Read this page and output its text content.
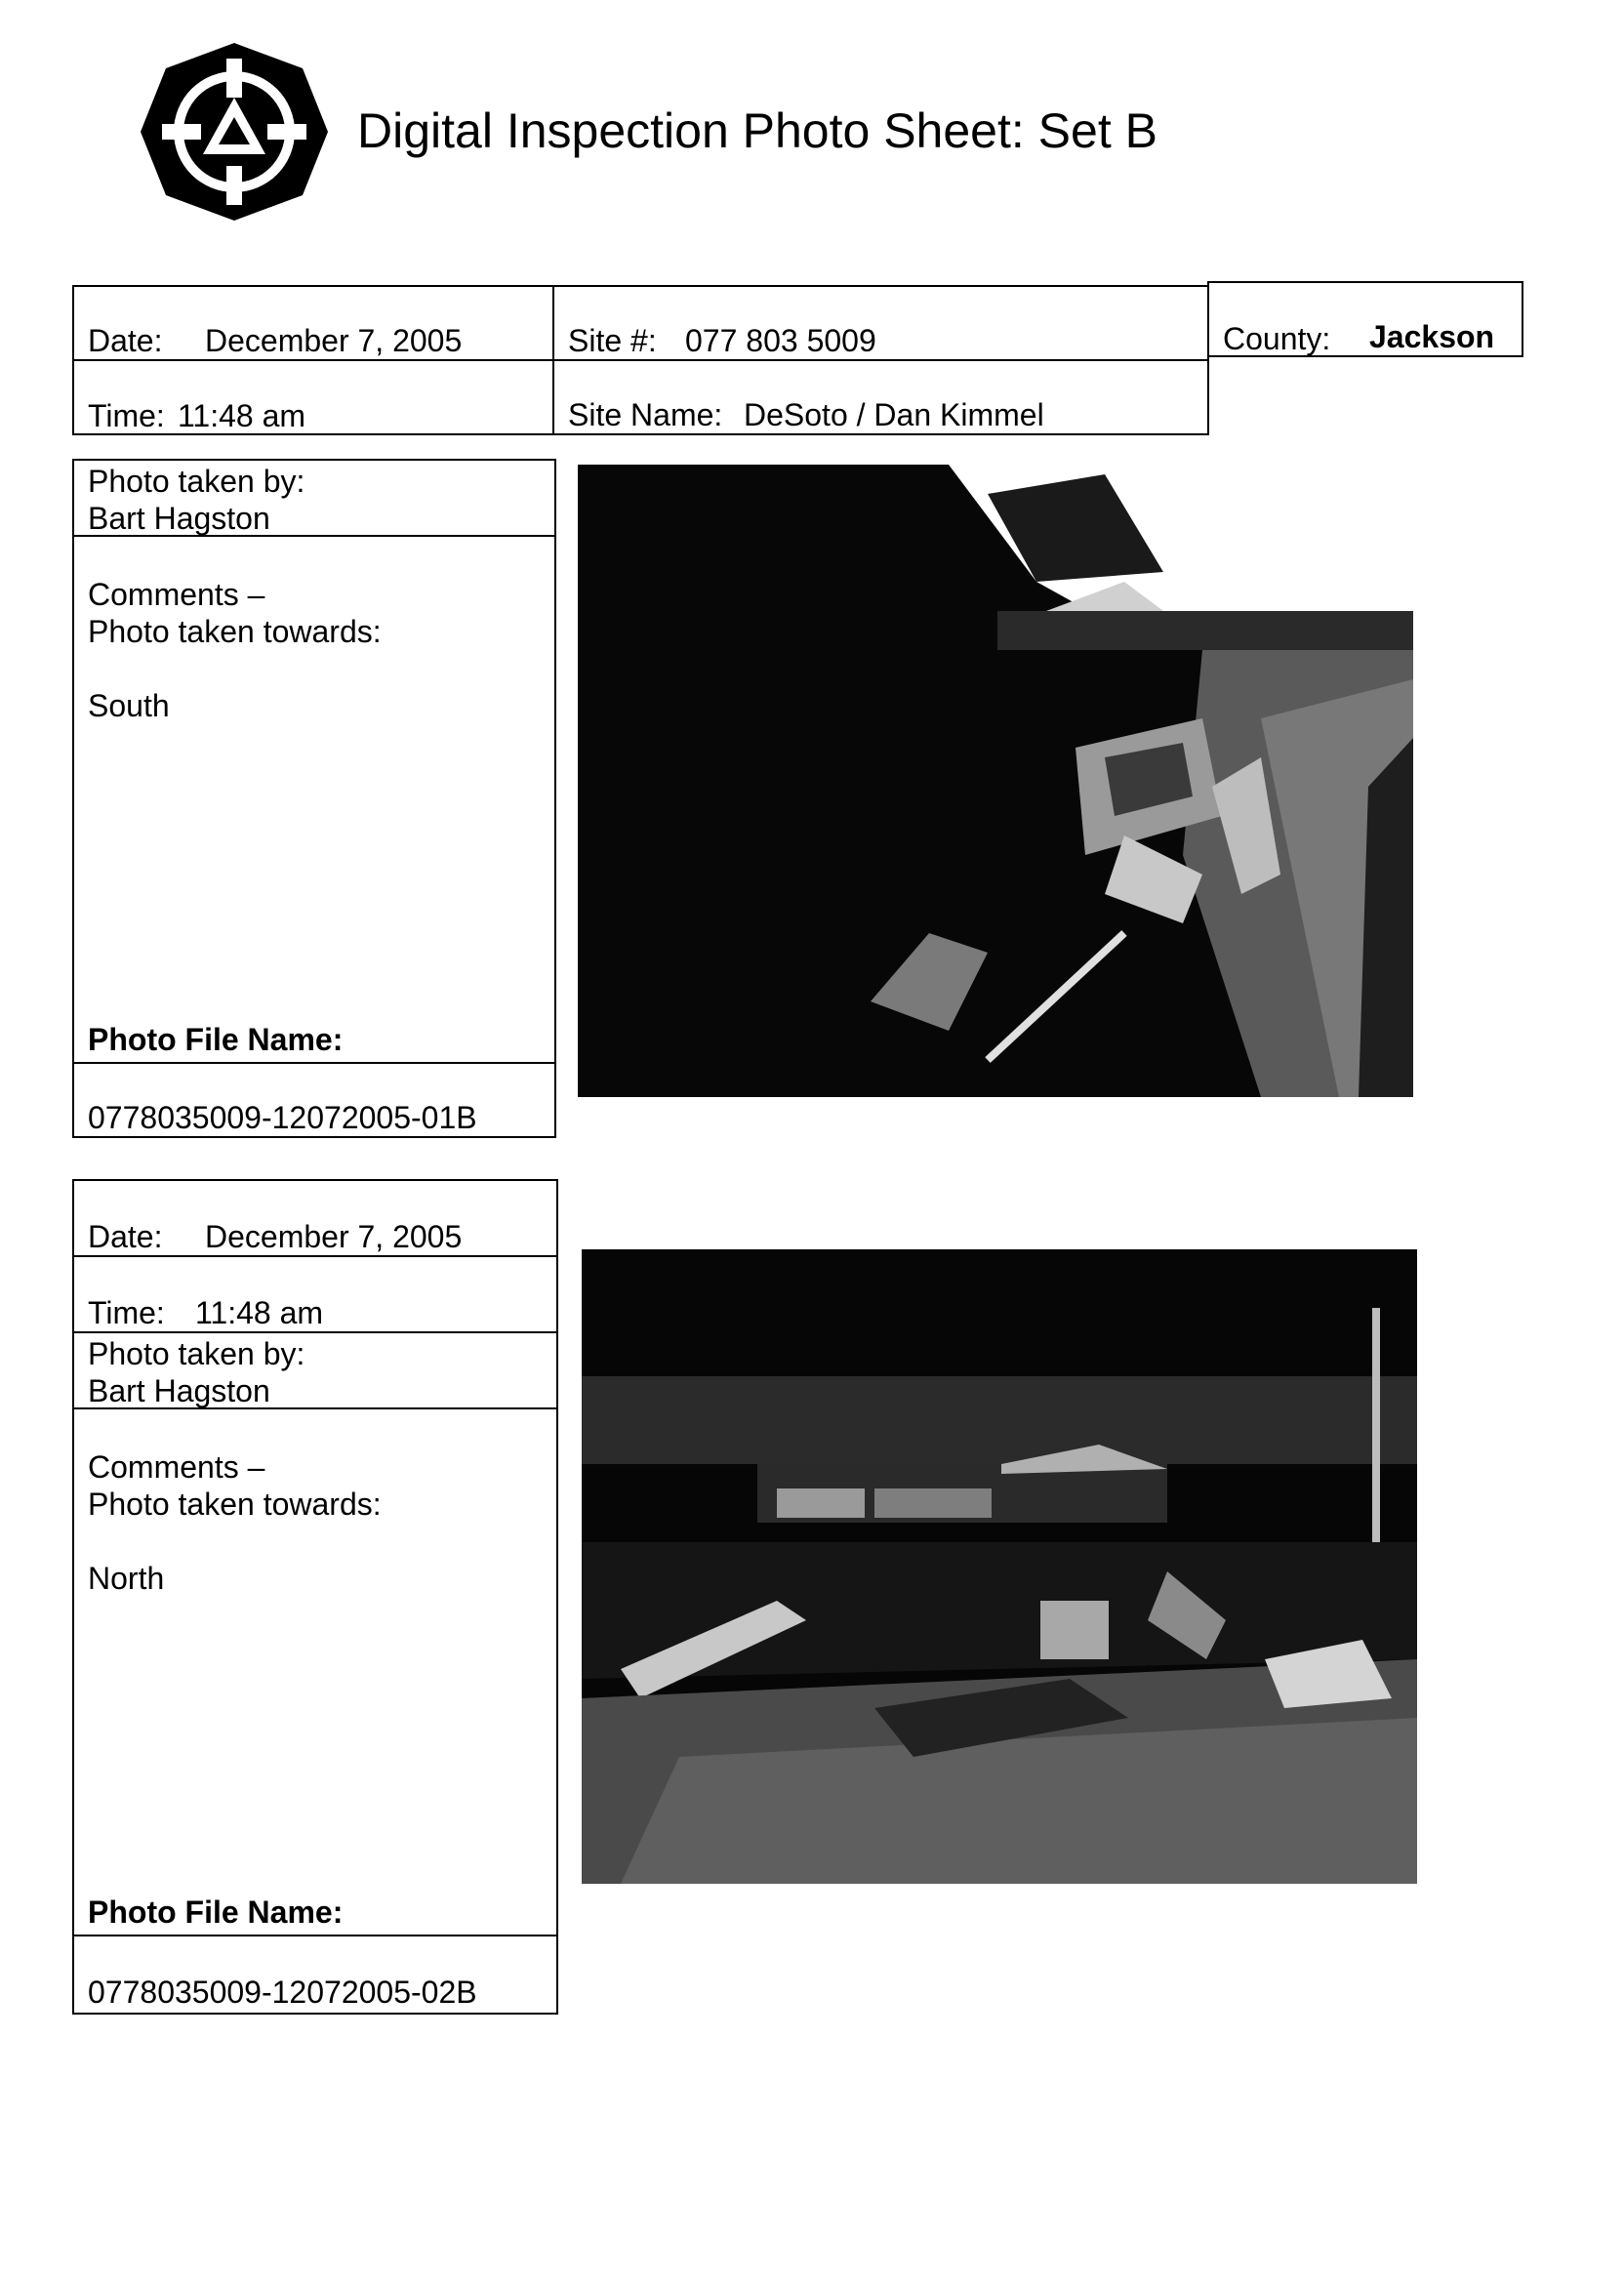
Digital Inspection Photo Sheet: Set B
Date: December 7, 2005	Site #: 077 803 5009	County: Jackson
Time: 11:48 am	Site Name: DeSoto / Dan Kimmel
Photo taken by:
Bart Hagston
Comments –
Photo taken towards:
South
Photo File Name:
0778035009-12072005-01B
Date: December 7, 2005
Time: 11:48 am
Photo taken by:
Bart Hagston
Comments –
Photo taken towards:
North
Photo File Name:
0778035009-12072005-02B
